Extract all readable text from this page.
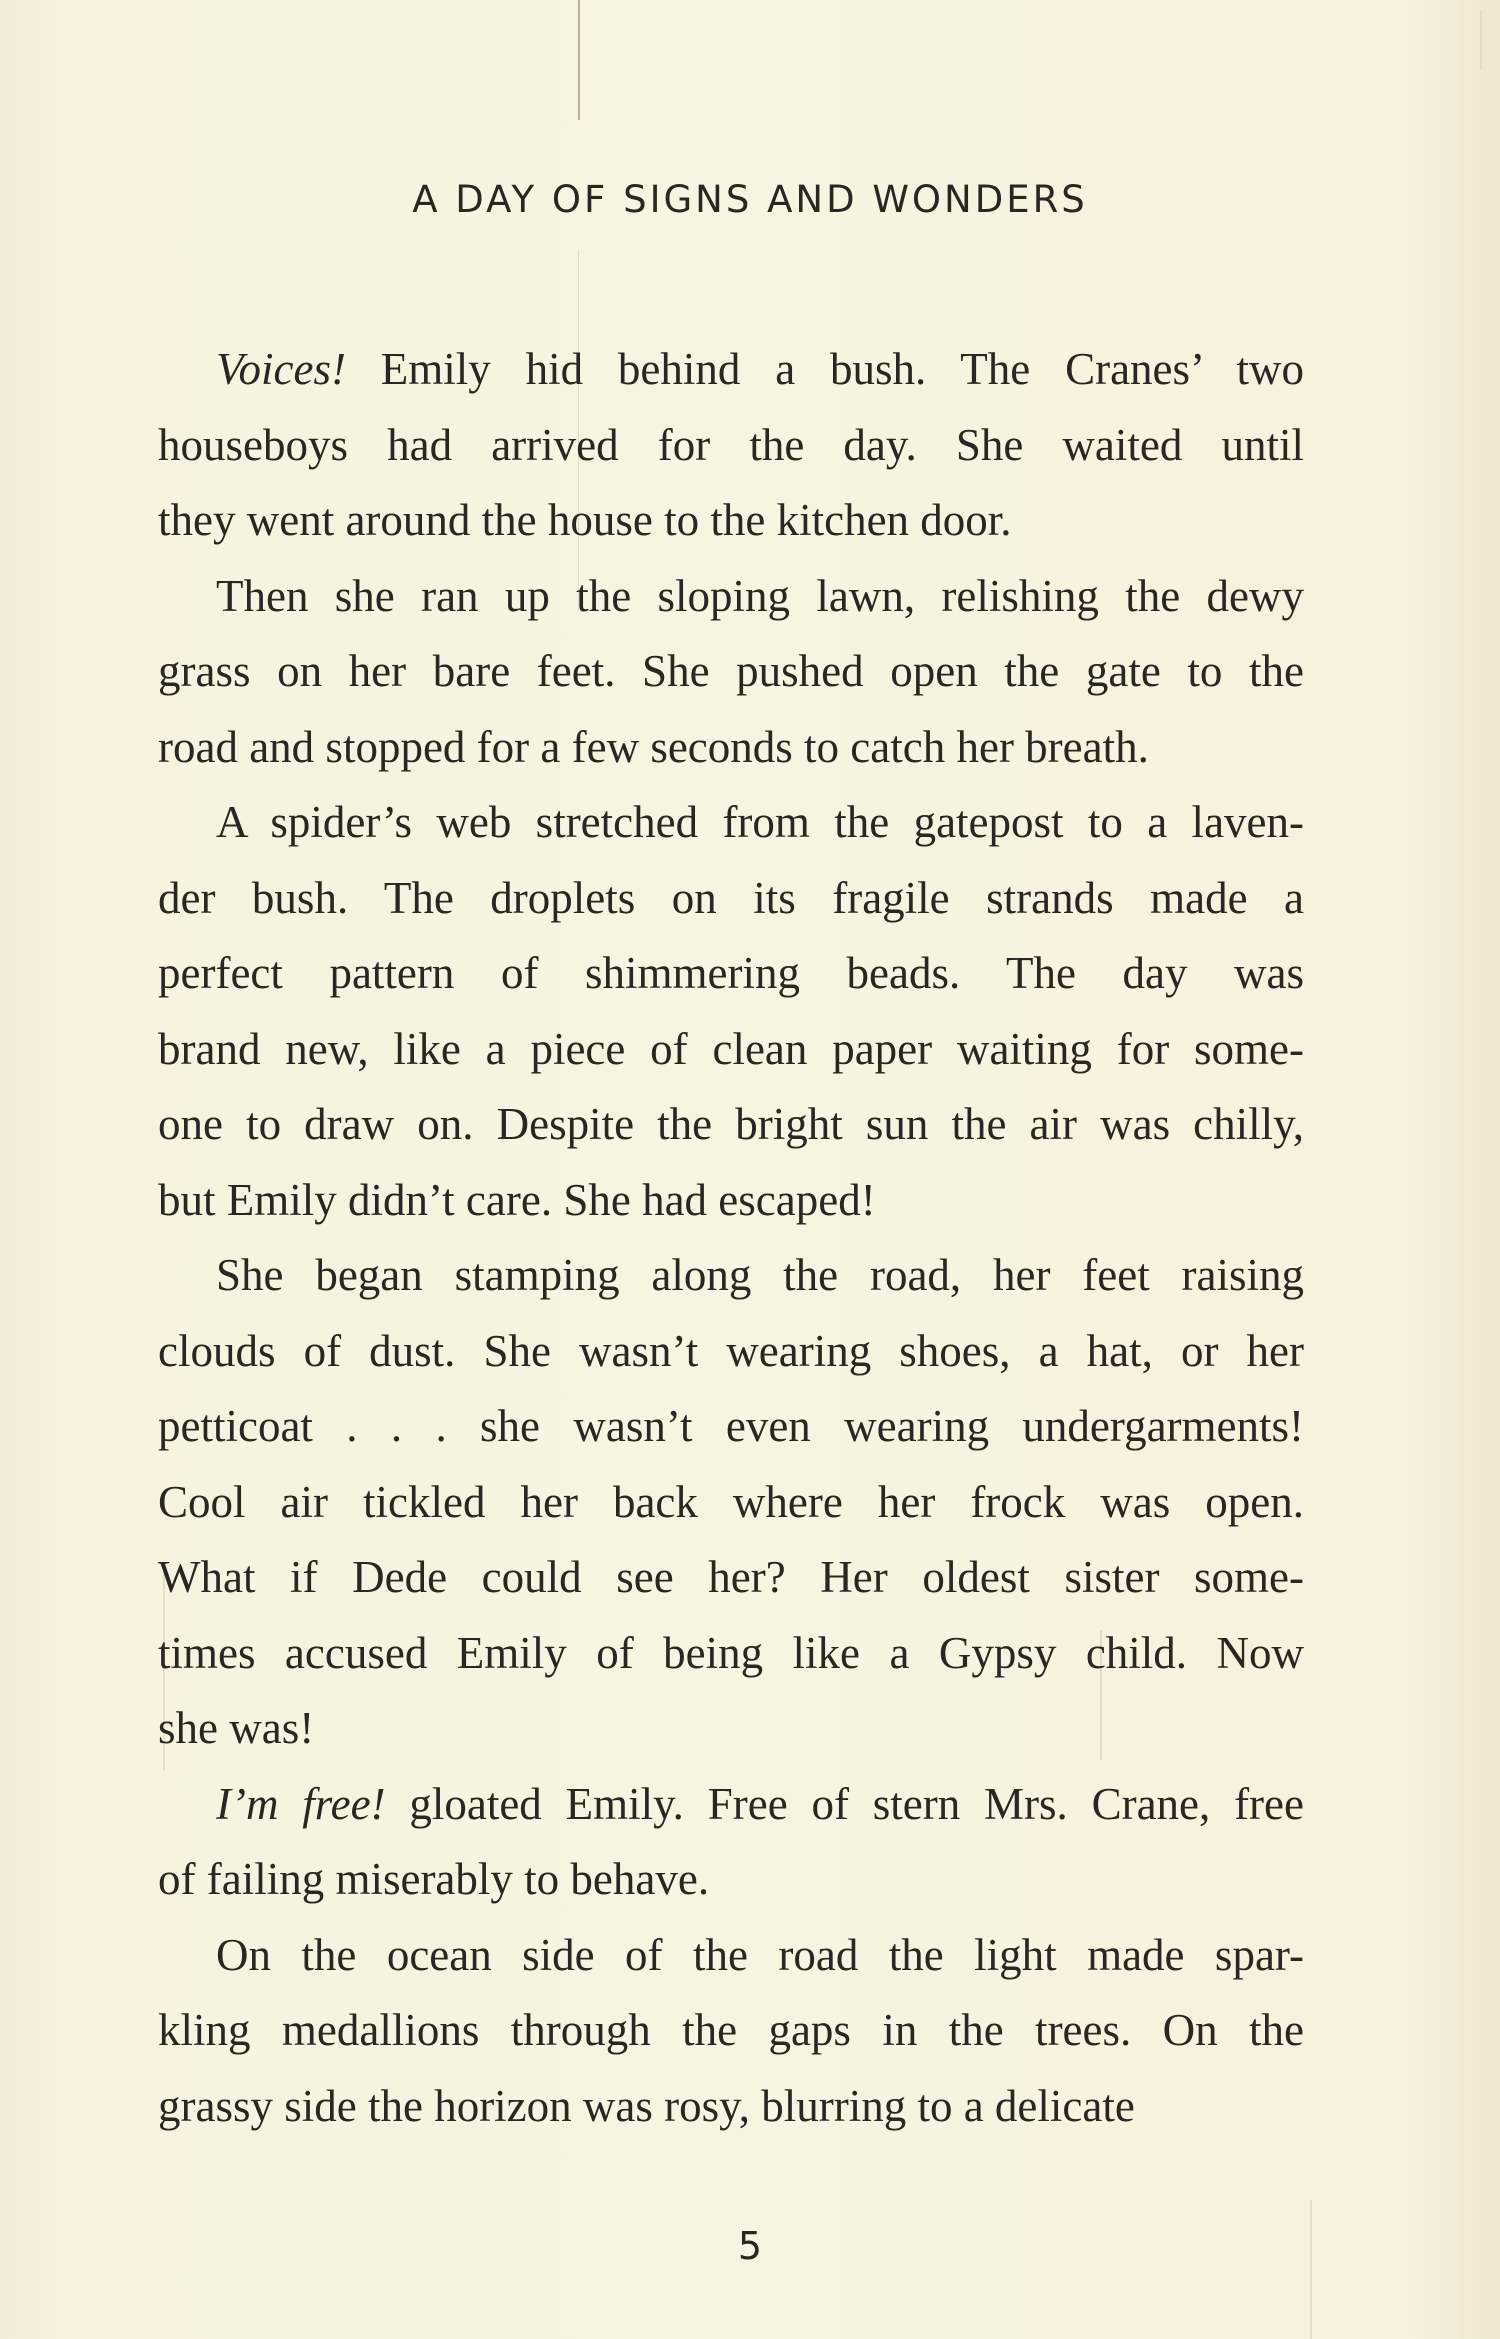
A DAY OF SIGNS AND WONDERS

Voices! Emily hid behind a bush. The Cranes’ two
houseboys had arrived for the day. She waited until
they went around the house to the kitchen door.

Then she ran up the sloping lawn, relishing the dewy
grass on her bare feet. She pushed open the gate to the
road and stopped for a few seconds to catch her breath.

A spider’s web stretched from the gatepost to a laven-
der bush. The droplets on its fragile strands made a
perfect pattern of shimmering beads. The day was
brand new, like a piece of clean paper waiting for some-
one to draw on. Despite the bright sun the air was chilly,
but Emily didn’t care. She had escaped!

She began stamping along the road, her feet raising
clouds of dust. She wasn’t wearing shoes, a hat, or her
petticoat . . . she wasn’t even wearing undergarments!
Cool air tickled her back where her frock was open.
What if Dede could see her? Her oldest sister some-
times accused Emily of being like a Gypsy child. Now
she was!

I’m free! gloated Emily. Free of stern Mrs. Crane, free
of failing miserably to behave.

On the ocean side of the road the light made spar-
kling medallions through the gaps in the trees. On the
grassy side the horizon was rosy, blurring to a delicate

5
